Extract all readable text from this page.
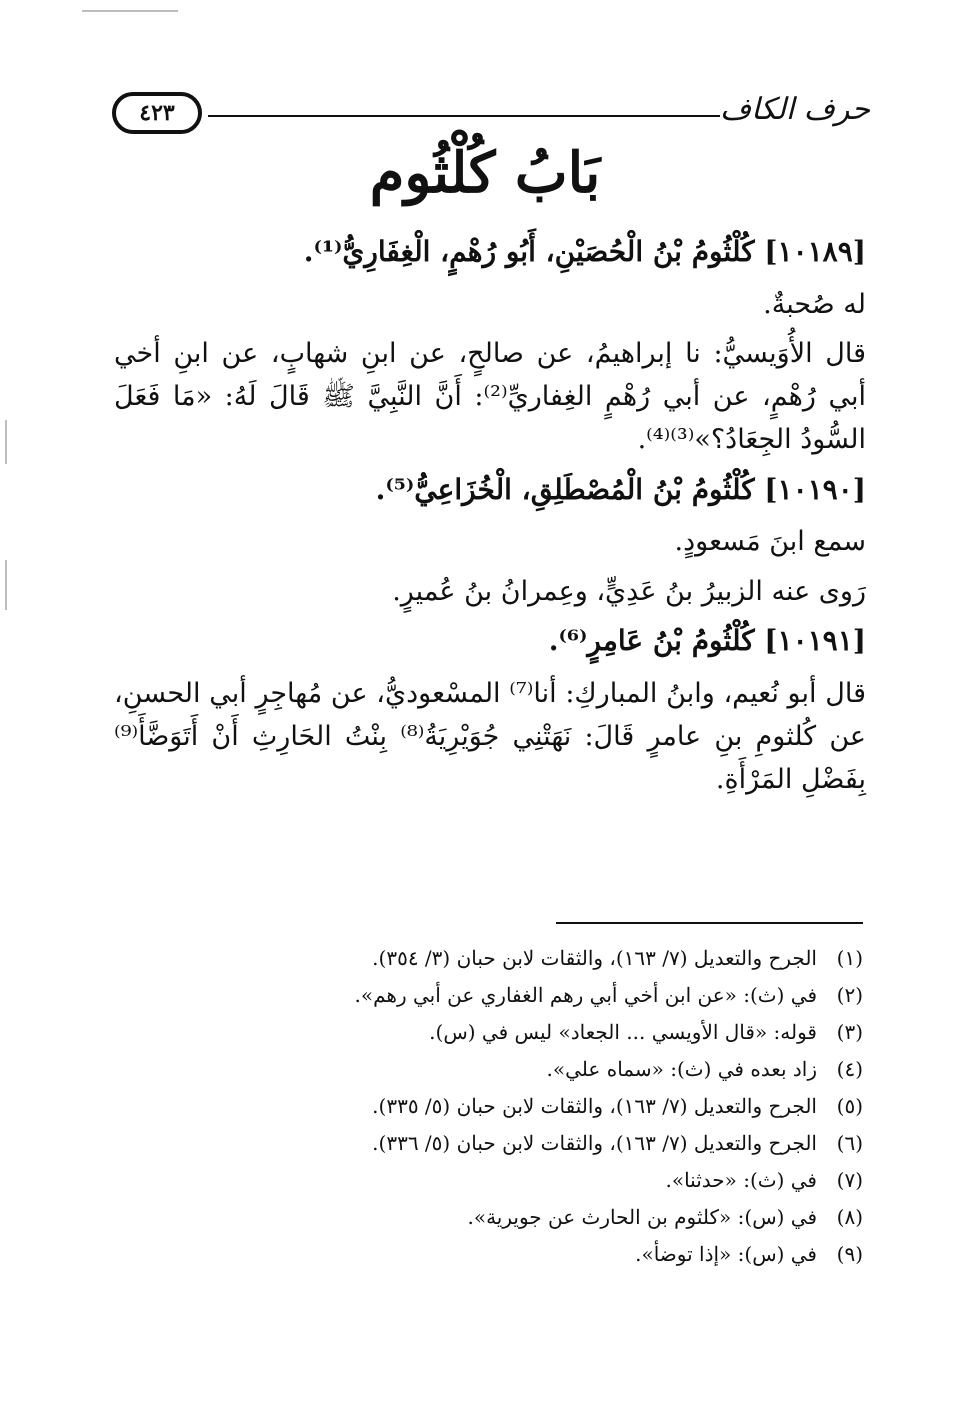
٤٢٣	حرف الكاف
بَابُ كُلْثُوم

[١٠١٨٩] كُلْثُومُ بْنُ الْحُصَيْنِ، أَبُو رُهْمٍ، الْغِفَارِيُّ⁽¹⁾.

له صُحبةٌ.

قال الأُوَيسيُّ: نا إبراهيمُ، عن صالحٍ، عن ابنِ شهابٍ، عن ابنِ أخي أبي رُهْمٍ، عن أبي رُهْمٍ الغِفاريِّ⁽²⁾: أَنَّ النَّبِيَّ ﷺ قَالَ لَهُ: «مَا فَعَلَ السُّودُ الجِعَادُ؟»⁽³⁾⁽⁴⁾.

[١٠١٩٠] كُلْثُومُ بْنُ الْمُصْطَلِقِ، الْخُزَاعِيُّ⁽⁵⁾.

سمع ابنَ مَسعودٍ.

رَوى عنه الزبيرُ بنُ عَدِيٍّ، وعِمرانُ بنُ عُميرٍ.

[١٠١٩١] كُلْثُومُ بْنُ عَامِرٍ⁽⁶⁾.

قال أبو نُعيم، وابنُ المباركِ: أنا⁽⁷⁾ المسْعوديُّ، عن مُهاجِرٍ أبي الحسنِ، عن كُلثومِ بنِ عامرٍ قَالَ: نَهَتْنِي جُوَيْرِيَةُ⁽⁸⁾ بِنْتُ الحَارِثِ أَنْ أَتَوَضَّأَ⁽⁹⁾ بِفَضْلِ المَرْأَةِ.

(١)
الجرح والتعديل (٧/ ١٦٣)، والثقات لابن حبان (٣/ ٣٥٤).
(٢)
في (ث): «عن ابن أخي أبي رهم الغفاري عن أبي رهم».
(٣)
قوله: «قال الأويسي ... الجعاد» ليس في (س).
(٤)
زاد بعده في (ث): «سماه علي».
(٥)
الجرح والتعديل (٧/ ١٦٣)، والثقات لابن حبان (٥/ ٣٣٥).
(٦)
الجرح والتعديل (٧/ ١٦٣)، والثقات لابن حبان (٥/ ٣٣٦).
(٧)
في (ث): «حدثنا».
(٨)
في (س): «كلثوم بن الحارث عن جويرية».
(٩)
في (س): «إذا توضأ».
